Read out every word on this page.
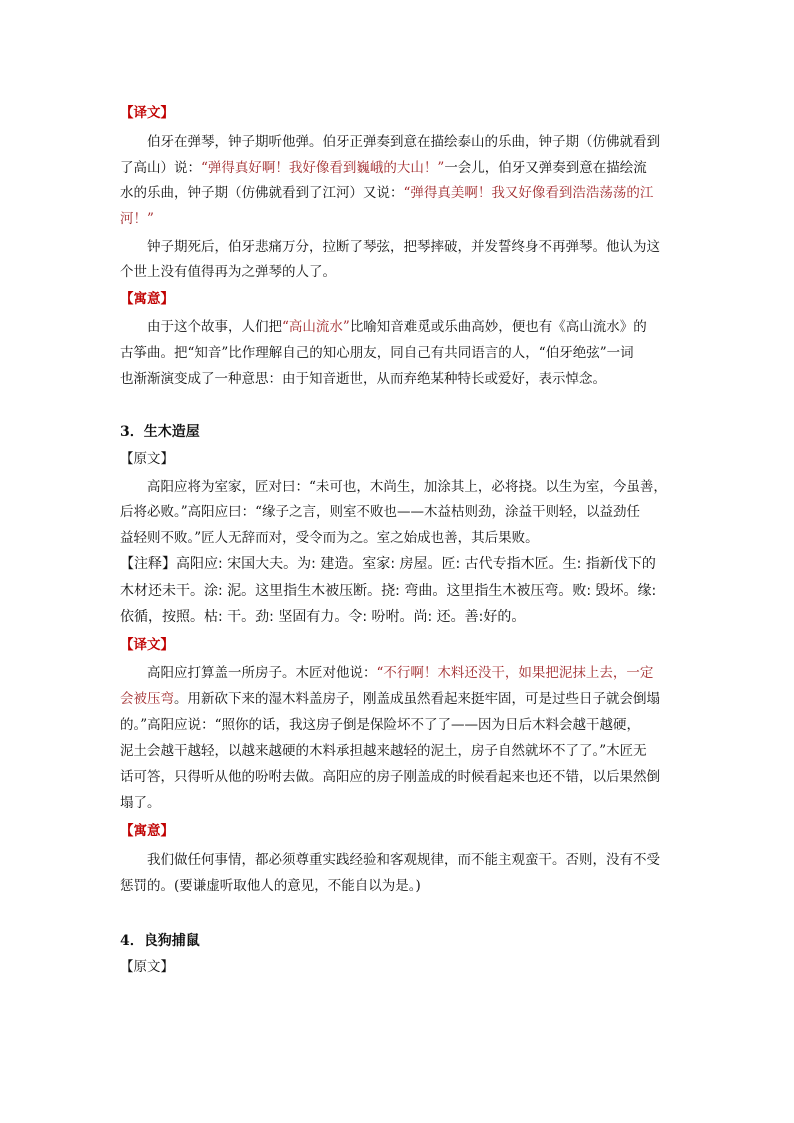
【译文】
伯牙在弹琴，钟子期听他弹。伯牙正弹奏到意在描绘泰山的乐曲，钟子期（仿佛就看到
了高山）说：“弹得真好啊！我好像看到巍峨的大山！”一会儿，伯牙又弹奏到意在描绘流
水的乐曲，钟子期（仿佛就看到了江河）又说：“弹得真美啊！我又好像看到浩浩荡荡的江
河！”
钟子期死后，伯牙悲痛万分，拉断了琴弦，把琴摔破，并发誓终身不再弹琴。他认为这
个世上没有值得再为之弹琴的人了。
【寓意】
由于这个故事，人们把“高山流水”比喻知音难觅或乐曲高妙，便也有《高山流水》的
古筝曲。把“知音”比作理解自己的知心朋友，同自己有共同语言的人，“伯牙绝弦”一词
也渐渐演变成了一种意思：由于知音逝世，从而弃绝某种特长或爱好，表示悼念。
3．生木造屋
【原文】
高阳应将为室家，匠对曰：“未可也，木尚生，加涂其上，必将挠。以生为室，今虽善，
后将必败。”高阳应曰：“缘子之言，则室不败也——木益枯则劲，涂益干则轻，以益劲任
益轻则不败。”匠人无辞而对，受令而为之。室之始成也善，其后果败。
【注释】高阳应: 宋国大夫。为: 建造。室家: 房屋。匠: 古代专指木匠。生: 指新伐下的
木材还未干。涂: 泥。这里指生木被压断。挠: 弯曲。这里指生木被压弯。败: 毁坏。缘:
依循，按照。枯: 干。劲: 坚固有力。令: 吩咐。尚: 还。善:好的。
【译文】
高阳应打算盖一所房子。木匠对他说：“不行啊！木料还没干，如果把泥抹上去，一定
会被压弯。用新砍下来的湿木料盖房子，刚盖成虽然看起来挺牢固，可是过些日子就会倒塌
的。”高阳应说：“照你的话，我这房子倒是保险坏不了了——因为日后木料会越干越硬，
泥土会越干越轻，以越来越硬的木料承担越来越轻的泥土，房子自然就坏不了了。”木匠无
话可答，只得听从他的吩咐去做。高阳应的房子刚盖成的时候看起来也还不错，以后果然倒
塌了。
【寓意】
我们做任何事情，都必须尊重实践经验和客观规律，而不能主观蛮干。否则，没有不受
惩罚的。(要谦虚听取他人的意见，不能自以为是。)
4．良狗捕鼠
【原文】
